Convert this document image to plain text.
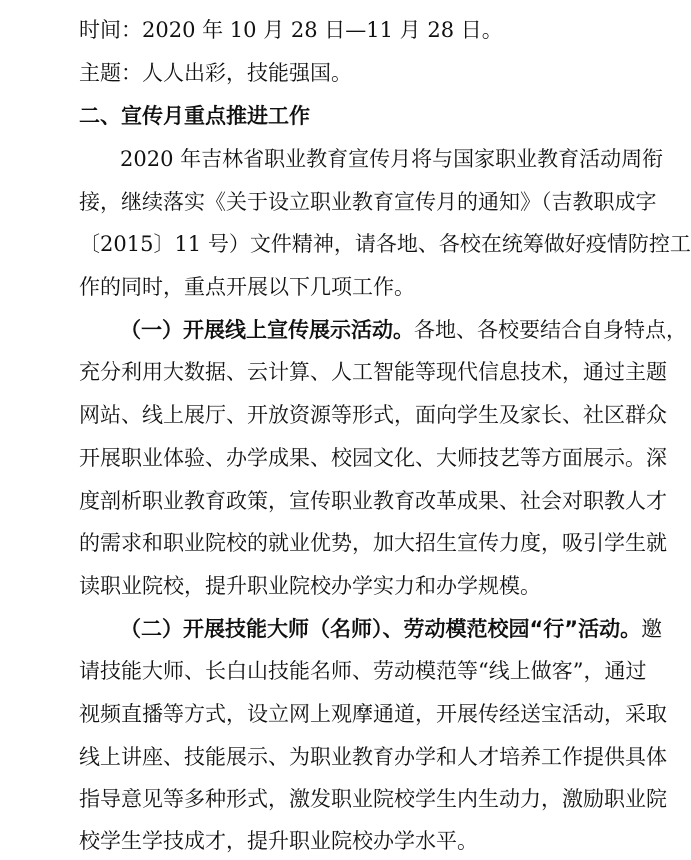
时间：2020 年 10 月 28 日—11 月 28 日。
主题：人人出彩，技能强国。
二、宣传月重点推进工作
2020 年吉林省职业教育宣传月将与国家职业教育活动周衔
接，继续落实《关于设立职业教育宣传月的通知》（吉教职成字
〔2015〕11 号）文件精神，请各地、各校在统筹做好疫情防控工
作的同时，重点开展以下几项工作。
（一）开展线上宣传展示活动。各地、各校要结合自身特点，
充分利用大数据、云计算、人工智能等现代信息技术，通过主题
网站、线上展厅、开放资源等形式，面向学生及家长、社区群众
开展职业体验、办学成果、校园文化、大师技艺等方面展示。深
度剖析职业教育政策，宣传职业教育改革成果、社会对职教人才
的需求和职业院校的就业优势，加大招生宣传力度，吸引学生就
读职业院校，提升职业院校办学实力和办学规模。
（二）开展技能大师（名师）、劳动模范校园“行”活动。邀
请技能大师、长白山技能名师、劳动模范等“线上做客”，通过
视频直播等方式，设立网上观摩通道，开展传经送宝活动，采取
线上讲座、技能展示、为职业教育办学和人才培养工作提供具体
指导意见等多种形式，激发职业院校学生内生动力，激励职业院
校学生学技成才，提升职业院校办学水平。
